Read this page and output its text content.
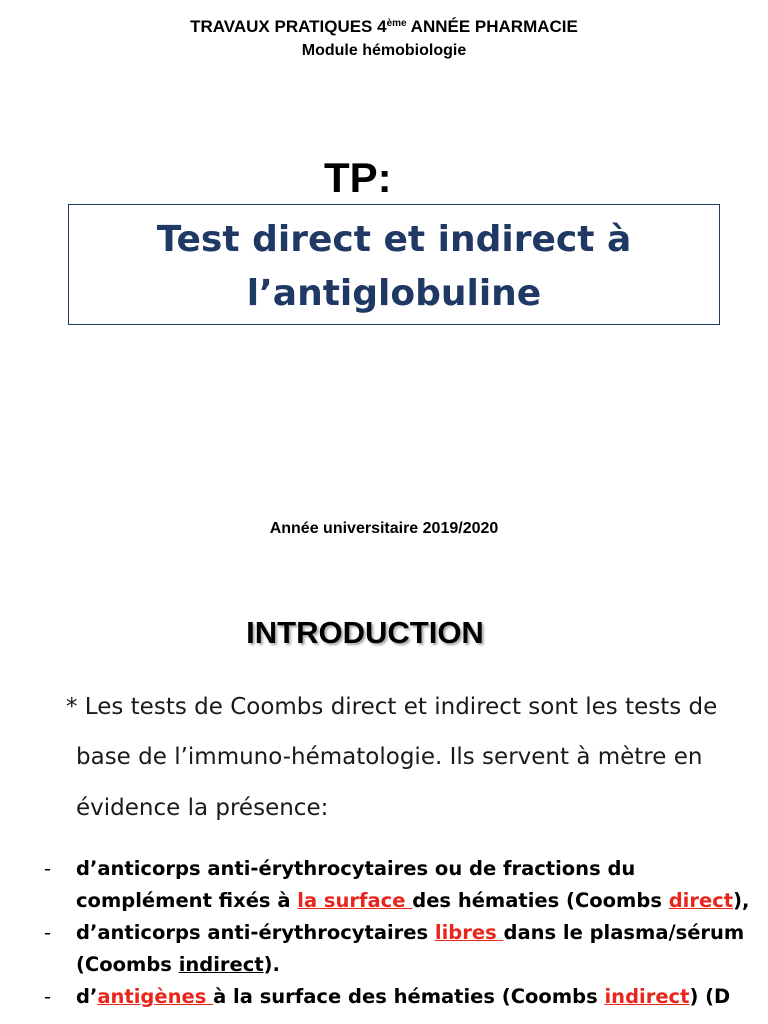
TRAVAUX PRATIQUES 4ème ANNÉE PHARMACIE
Module hémobiologie
TP:
Test direct et indirect à
l’antiglobuline
Année universitaire 2019/2020
INTRODUCTION
* Les tests de Coombs direct et indirect sont les tests de
base de l’immuno-hématologie. Ils servent à mètre en
évidence la présence:
- d’anticorps anti-érythrocytaires ou de fractions du
complément fixés à la surface des hématies (Coombs direct),
- d’anticorps anti-érythrocytaires libres dans le plasma/sérum
(Coombs indirect).
- d’antigènes à la surface des hématies (Coombs indirect) (D
